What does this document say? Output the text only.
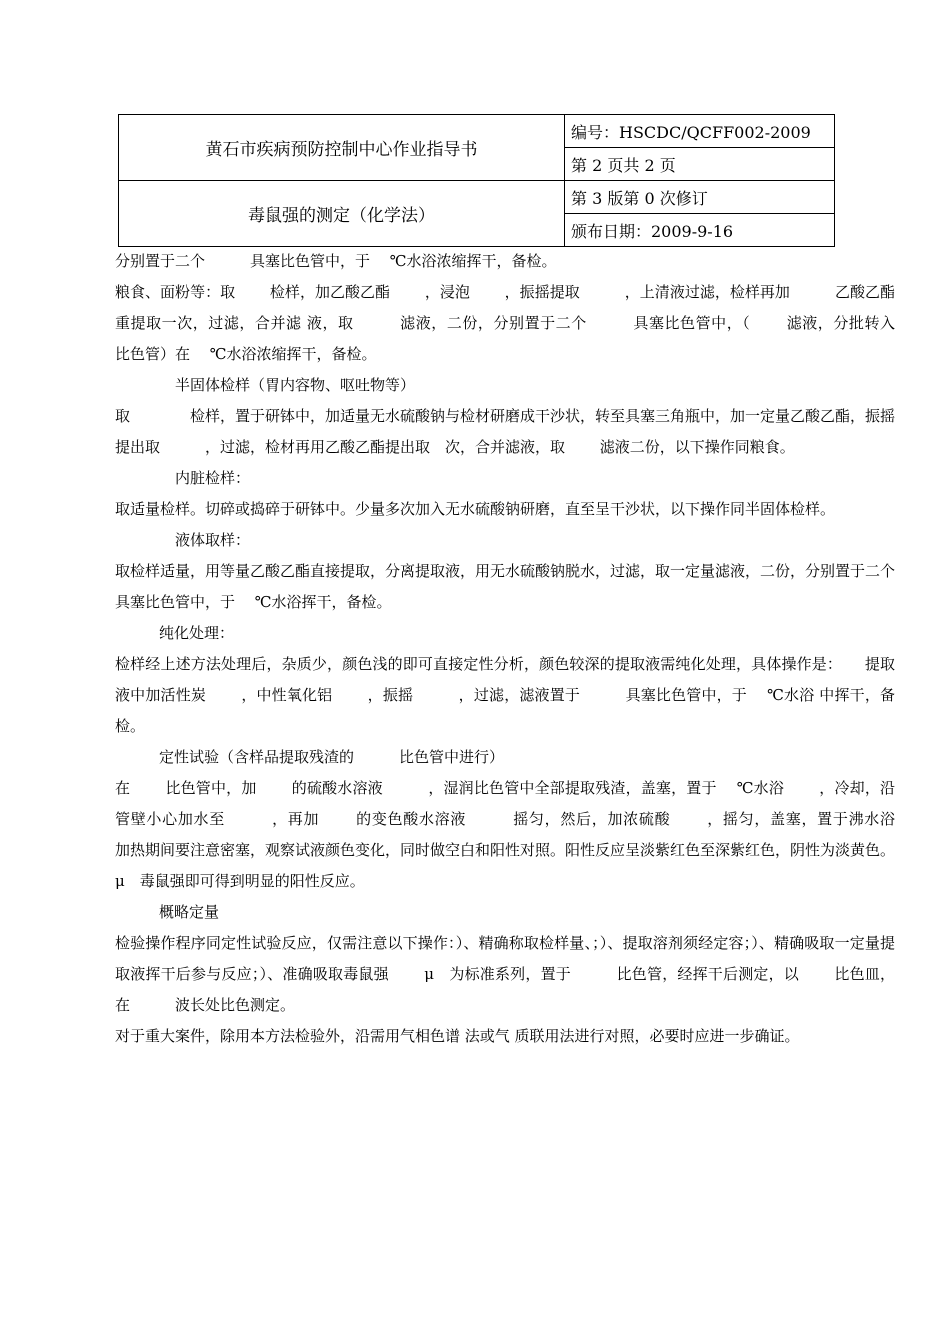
黄石市疾病预防控制中心作业指导书	编号：HSCDC/QCFF002-2009
	第 2 页共 2 页
毒鼠强的测定（化学法）	第 3 版第 0 次修订
	颁布日期：2009-9-16

分别置于二个　　　具塞比色管中，于　 ℃水浴浓缩挥干，备检。

粮食、面粉等：取　　 检样，加乙酸乙酯　　 ，浸泡　　 ，振摇提取　　　，上清液过滤，检样再加　　　乙酸乙酯重提取一次，过滤，合并滤 液，取　　　滤液，二份，分别置于二个　　　具塞比色管中，（　　 滤液，分批转入　　　比色管）在　 ℃水浴浓缩挥干，备检。

半固体检样（胃内容物、呕吐物等）

取　　　　检样，置于研钵中，加适量无水硫酸钠与检材研磨成干沙状，转至具塞三角瓶中，加一定量乙酸乙酯，振摇提出取　　　，过滤，检材再用乙酸乙酯提出取　次，合并滤液，取　　 滤液二份，以下操作同粮食。

内脏检样：

取适量检样。切碎或捣碎于研钵中。少量多次加入无水硫酸钠研磨，直至呈干沙状，以下操作同半固体检样。

液体取样：

取检样适量，用等量乙酸乙酯直接提取，分离提取液，用无水硫酸钠脱水，过滤，取一定量滤液，二份，分别置于二个　　　具塞比色管中，于　 ℃水浴挥干，备检。

纯化处理：

检样经上述方法处理后，杂质少，颜色浅的即可直接定性分析，颜色较深的提取液需纯化处理，具体操作是：　　提取液中加活性炭　　 ，中性氧化铝　　 ，振摇　　　，过滤，滤液置于　　　具塞比色管中，于　 ℃水浴 中挥干，备检。

定性试验（含样品提取残渣的　　　比色管中进行）

在　　 比色管中，加　　 的硫酸水溶液　　　，湿润比色管中全部提取残渣，盖塞，置于　 ℃水浴　　 ，冷却，沿管壁小心加水至　　　，再加　　 的变色酸水溶液　　　摇匀，然后，加浓硫酸　　 ，摇匀，盖塞，置于沸水浴　　　加热期间要注意密塞，观察试液颜色变化，同时做空白和阳性对照。阳性反应呈淡紫红色至深紫红色，阴性为淡黄色。 μ　毒鼠强即可得到明显的阳性反应。

概略定量

检验操作程序同定性试验反应，仅需注意以下操作：）、精确称取检样量、；）、提取溶剂须经定容；）、精确吸取一定量提取液挥干后参与反应；）、准确吸取毒鼠强　　 μ　为标准系列，置于　　　比色管，经挥干后测定，以　　 比色皿，在　　　波长处比色测定。

对于重大案件，除用本方法检验外，沿需用气相色谱 法或气 质联用法进行对照，必要时应进一步确证。
